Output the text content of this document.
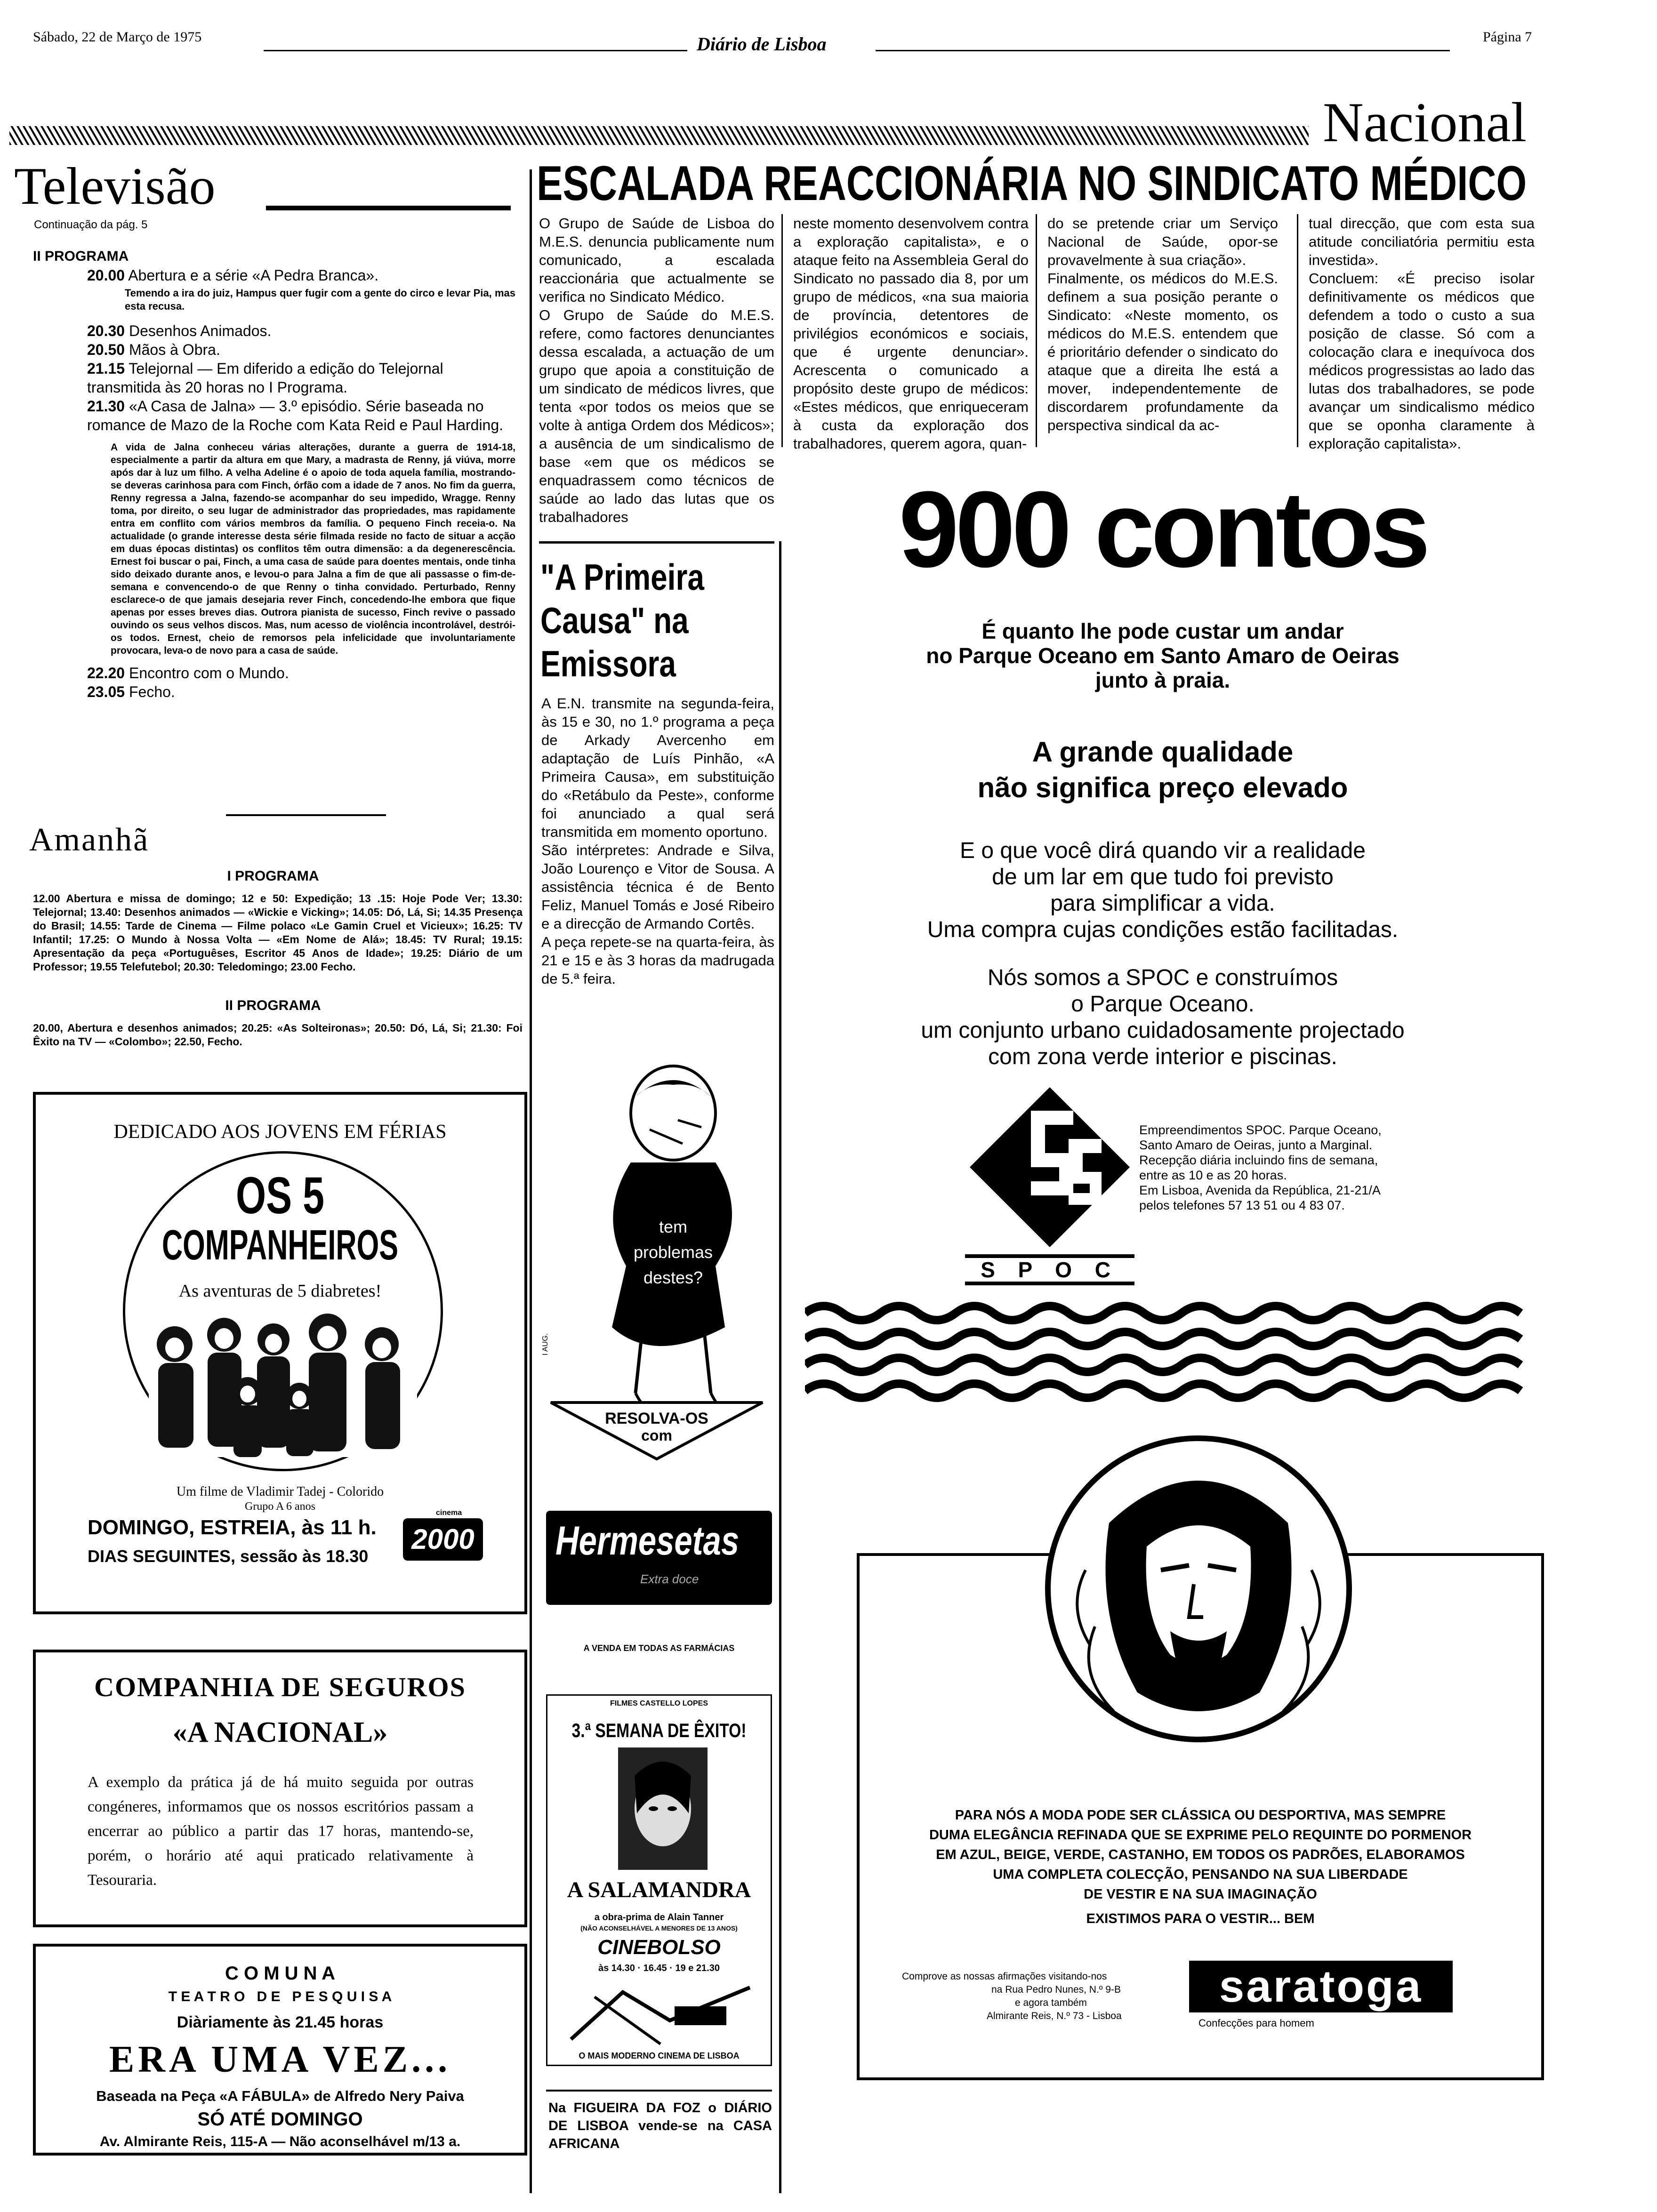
Sábado, 22 de Março de 1975	Diário de Lisboa	Página 7
Nacional
Televisão
Continuação da pág. 5
II PROGRAMA

20.00 Abertura e a série «A Pedra Branca».

Temendo a ira do juiz, Hampus quer fugir com a gente do circo e levar Pia, mas esta recusa.

20.30 Desenhos Animados.

20.50 Mãos à Obra.

21.15 Telejornal — Em diferido a edição do Telejornal transmitida às 20 horas no I Programa.

21.30 «A Casa de Jalna» — 3.º episódio. Série baseada no romance de Mazo de la Roche com Kata Reid e Paul Harding.

A vida de Jalna conheceu várias alterações, durante a guerra de 1914-18, especialmente a partir da altura em que Mary, a madrasta de Renny, já viúva, morre após dar à luz um filho. A velha Adeline é o apoio de toda aquela família, mostrando-se deveras carinhosa para com Finch, órfão com a idade de 7 anos. No fim da guerra, Renny regressa a Jalna, fazendo-se acompanhar do seu impedido, Wragge. Renny toma, por direito, o seu lugar de administrador das propriedades, mas rapidamente entra em conflito com vários membros da família. O pequeno Finch receia-o. Na actualidade (o grande interesse desta série filmada reside no facto de situar a acção em duas épocas distintas) os conflitos têm outra dimensão: a da degenerescência. Ernest foi buscar o pai, Finch, a uma casa de saúde para doentes mentais, onde tinha sido deixado durante anos, e levou-o para Jalna a fim de que ali passasse o fim-de-semana e convencendo-o de que Renny o tinha convidado. Perturbado, Renny esclarece-o de que jamais desejaria rever Finch, concedendo-lhe embora que fique apenas por esses breves dias. Outrora pianista de sucesso, Finch revive o passado ouvindo os seus velhos discos. Mas, num acesso de violência incontrolável, destrói-os todos. Ernest, cheio de remorsos pela infelicidade que involuntariamente provocara, leva-o de novo para a casa de saúde.

22.20 Encontro com o Mundo.

23.05 Fecho.

Amanhã
I PROGRAMA
12.00 Abertura e missa de domingo; 12 e 50: Expedição; 13 .15: Hoje Pode Ver; 13.30: Telejornal; 13.40: Desenhos animados — «Wickie e Vicking»; 14.05: Dó, Lá, Si; 14.35 Presença do Brasil; 14.55: Tarde de Cinema — Filme polaco «Le Gamin Cruel et Vicieux»; 16.25: TV Infantil; 17.25: O Mundo à Nossa Volta — «Em Nome de Alá»; 18.45: TV Rural; 19.15: Apresentação da peça «Portuguêses, Escritor 45 Anos de Idade»; 19.25: Diário de um Professor; 19.55 Telefutebol; 20.30: Teledomingo; 23.00 Fecho.
II PROGRAMA
20.00, Abertura e desenhos animados; 20.25: «As Solteironas»; 20.50: Dó, Lá, Si; 21.30: Foi Êxito na TV — «Colombo»; 22.50, Fecho.
DEDICADO AOS JOVENS EM FÉRIAS
OS 5
COMPANHEIROS
As aventuras de 5 diabretes!
Um filme de Vladimir Tadej - Colorido
Grupo A 6 anos
DOMINGO, ESTREIA, às 11 h.
DIAS SEGUINTES, sessão às 18.30
cinema
2000
COMPANHIA DE SEGUROS
«A NACIONAL»
A exemplo da prática já de há muito seguida por outras congéneres, informamos que os nossos escritórios passam a encerrar ao público a partir das 17 horas, mantendo-se, porém, o horário até aqui praticado relativamente à Tesouraria.
C O M U N A
T E A T R O   D E   P E S Q U I S A
Diàriamente às 21.45 horas
ERA UMA VEZ...
Baseada na Peça «A FÁBULA» de Alfredo Nery Paiva
SÓ ATÉ DOMINGO
Av. Almirante Reis, 115-A — Não aconselhável m/13 a.
ESCALADA REACCIONÁRIA NO SINDICATO MÉDICO
O Grupo de Saúde de Lisboa do M.E.S. denuncia publicamente num comunicado, a escalada reaccionária que actualmente se verifica no Sindicato Médico.
O Grupo de Saúde do M.E.S. refere, como factores denunciantes dessa escalada, a actuação de um grupo que apoia a constituição de um sindicato de médicos livres, que tenta «por todos os meios que se volte à antiga Ordem dos Médicos»; a ausência de um sindicalismo de base «em que os médicos se enquadrassem como técnicos de saúde ao lado das lutas que os trabalhadores
neste momento desenvolvem contra a exploração capitalista», e o ataque feito na Assembleia Geral do Sindicato no passado dia 8, por um grupo de médicos, «na sua maioria de província, detentores de privilégios económicos e sociais, que é urgente denunciar». Acrescenta o comunicado a propósito deste grupo de médicos: «Estes médicos, que enriqueceram à custa da exploração dos trabalhadores, querem agora, quan-
do se pretende criar um Serviço Nacional de Saúde, opor-se provavelmente à sua criação».
Finalmente, os médicos do M.E.S. definem a sua posição perante o Sindicato: «Neste momento, os médicos do M.E.S. entendem que é prioritário defender o sindicato do ataque que a direita lhe está a mover, independentemente de discordarem profundamente da perspectiva sindical da ac-
tual direcção, que com esta sua atitude conciliatória permitiu esta investida».
Concluem: «É preciso isolar definitivamente os médicos que defendem a todo o custo a sua posição de classe. Só com a colocação clara e inequívoca dos médicos progressistas ao lado das lutas dos trabalhadores, se pode avançar um sindicalismo médico que se oponha claramente à exploração capitalista».
"A Primeira Causa" na Emissora
A E.N. transmite na segunda-feira, às 15 e 30, no 1.º programa a peça de Arkady Avercenho em adaptação de Luís Pinhão, «A Primeira Causa», em substituição do «Retábulo da Peste», conforme foi anunciado a qual será transmitida em momento oportuno.
São intérpretes: Andrade e Silva, João Lourenço e Vitor de Sousa. A assistência técnica é de Bento Feliz, Manuel Tomás e José Ribeiro e a direcção de Armando Cortês.
A peça repete-se na quarta-feira, às 21 e 15 e às 3 horas da madrugada de 5.ª feira.
tem
problemas
destes?
RESOLVA-OS
com
I AUG.
Hermesetas
Extra doce
A VENDA EM TODAS AS FARMÁCIAS
FILMES CASTELLO LOPES
3.ª SEMANA DE ÊXITO!
A SALAMANDRA
a obra-prima de Alain Tanner
(NÃO ACONSELHÁVEL A MENORES DE 13 ANOS)
CINEBOLSO
às 14.30 · 16.45 · 19 e 21.30
O MAIS MODERNO CINEMA DE LISBOA
Na FIGUEIRA DA FOZ o DIÁRIO DE LISBOA vende-se na CASA AFRICANA
900 contos
É quanto lhe pode custar um andar
no Parque Oceano em Santo Amaro de Oeiras
junto à praia.
A grande qualidade
não significa preço elevado
E o que você dirá quando vir a realidade
de um lar em que tudo foi previsto
para simplificar a vida.
Uma compra cujas condições estão facilitadas.
Nós somos a SPOC e construímos
o Parque Oceano.
um conjunto urbano cuidadosamente projectado
com zona verde interior e piscinas.
S P O C
Empreendimentos SPOC. Parque Oceano,
Santo Amaro de Oeiras, junto a Marginal.
Recepção diária incluindo fins de semana,
entre as 10 e as 20 horas.
Em Lisboa, Avenida da República, 21-21/A
pelos telefones 57 13 51 ou 4 83 07.
PARA NÓS A MODA PODE SER CLÁSSICA OU DESPORTIVA, MAS SEMPRE
DUMA ELEGÂNCIA REFINADA QUE SE EXPRIME PELO REQUINTE DO PORMENOR
EM AZUL, BEIGE, VERDE, CASTANHO, EM TODOS OS PADRÕES, ELABORAMOS
UMA COMPLETA COLECÇÃO, PENSANDO NA SUA LIBERDADE
DE VESTIR E NA SUA IMAGINAÇÃO
EXISTIMOS PARA O VESTIR... BEM
Comprove as nossas afirmações visitando-nos
na Rua Pedro Nunes, N.º 9-B
e agora também
Almirante Reis, N.º 73 - Lisboa
saratoga
Confecções para homem
